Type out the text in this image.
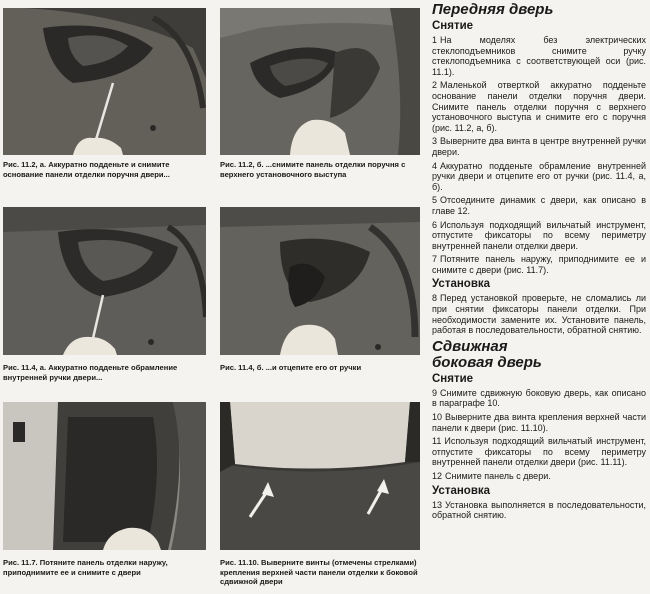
Рис. 11.2, а. Аккуратно подденьте и снимите основание панели отделки поручня двери...

Рис. 11.2, б. ...снимите панель отделки поручня с верхнего установочного выступа

Рис. 11.4, а. Аккуратно подденьте обрамление внутренней ручки двери...

Рис. 11.4, б. ...и отцепите его от ручки

Рис. 11.7. Потяните панель отделки наружу, приподнимите ее и снимите с двери

Рис. 11.10. Выверните винты (отмечены стрелками) крепления верхней части панели отделки к боковой сдвижной двери

Передняя дверь
Снятие

1 На моделях без электрических стеклоподъемников снимите ручку стеклоподъемника с соответствующей оси (рис. 11.1).

2 Маленькой отверткой аккуратно подденьте основание панели отделки поручня двери. Снимите панель отделки поручня с верхнего установочного выступа и снимите его с поручня (рис. 11.2, а, б).

3 Выверните два винта в центре внутренней ручки двери.

4 Аккуратно подденьте обрамление внутренней ручки двери и отцепите его от ручки (рис. 11.4, а, б).

5 Отсоедините динамик с двери, как описано в главе 12.

6 Используя подходящий вильчатый инструмент, отпустите фиксаторы по всему периметру внутренней панели отделки двери.

7 Потяните панель наружу, приподнимите ее и снимите с двери (рис. 11.7).

Установка

8 Перед установкой проверьте, не сломались ли при снятии фиксаторы панели отделки. При необходимости замените их. Установите панель, работая в последовательности, обратной снятию.

Сдвижная
боковая дверь
Снятие

9 Снимите сдвижную боковую дверь, как описано в параграфе 10.

10 Выверните два винта крепления верхней части панели к двери (рис. 11.10).

11 Используя подходящий вильчатый инструмент, отпустите фиксаторы по всему периметру внутренней панели отделки двери (рис. 11.11).

12 Снимите панель с двери.

Установка

13 Установка выполняется в последовательности, обратной снятию.
